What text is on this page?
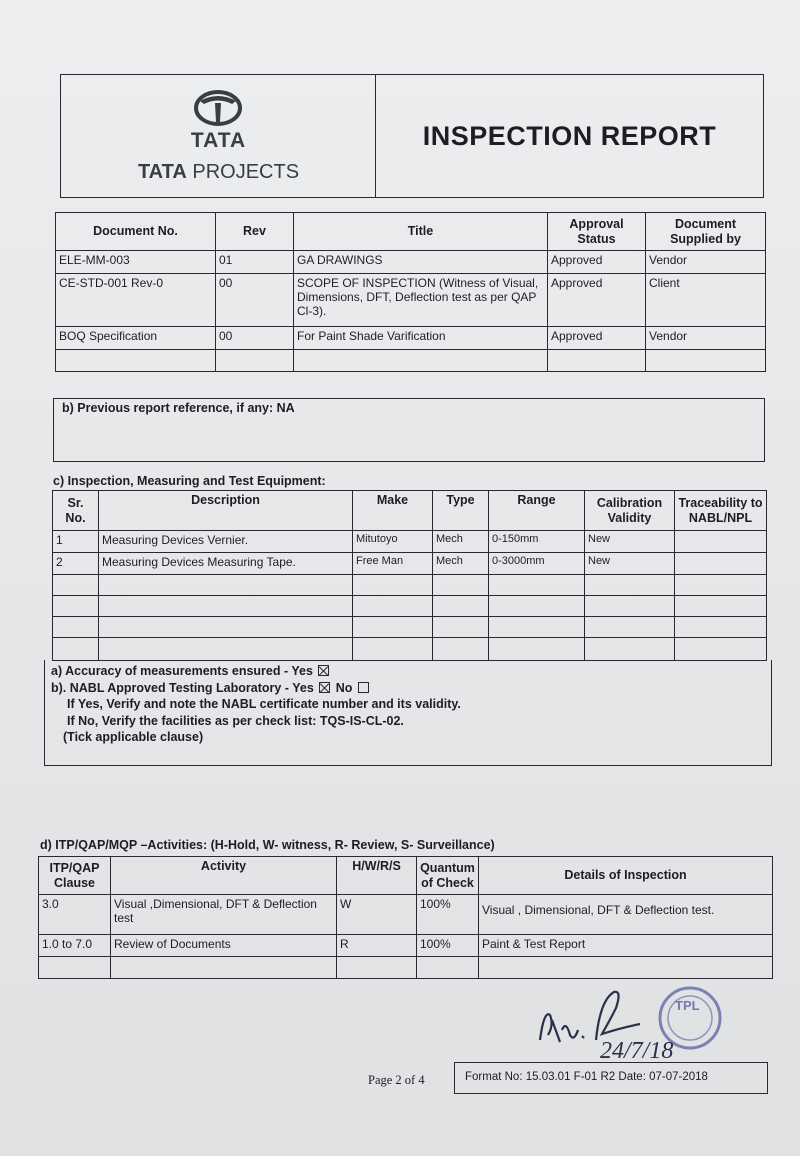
TATA
TATA PROJECTS
INSPECTION REPORT
Document No.	Rev	Title	Approval Status	Document Supplied by
ELE-MM-003	01	GA DRAWINGS	Approved	Vendor
CE-STD-001 Rev-0	00	SCOPE OF INSPECTION (Witness of Visual, Dimensions, DFT, Deflection test as per QAP Cl-3).	Approved	Client
BOQ Specification	00	For Paint Shade Varification	Approved	Vendor

b) Previous report reference, if any: NA
c) Inspection, Measuring and Test Equipment:
Sr. No.	Description	Make	Type	Range	Calibration Validity	Traceability to NABL/NPL
1	Measuring Devices Vernier.	Mitutoyo	Mech	0-150mm	New	
2	Measuring Devices Measuring Tape.	Free Man	Mech	0-3000mm	New	

a) Accuracy of measurements ensured - Yes
b). NABL Approved Testing Laboratory - Yes No
If Yes, Verify and note the NABL certificate number and its validity.
If No, Verify the facilities as per check list: TQS-IS-CL-02.
(Tick applicable clause)
d) ITP/QAP/MQP –Activities: (H-Hold, W- witness, R- Review, S- Surveillance)
ITP/QAP Clause	Activity	H/W/R/S	Quantum of Check	Details of Inspection
3.0	Visual ,Dimensional, DFT & Deflection test	W	100%	Visual , Dimensional, DFT & Deflection test.
1.0 to 7.0	Review of Documents	R	100%	Paint & Test Report

TPL
24/7/18
Page 2 of 4	Format No: 15.03.01 F-01 R2 Date: 07-07-2018
